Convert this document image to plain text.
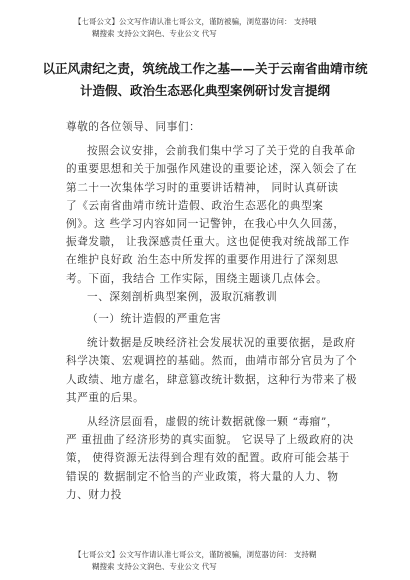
【七哥公文】公文写作请认准七哥公文，谨防被骗，浏览器访问： 支持哦
糊搜索 支持公文润色、专业公文 代写
以正风肃纪之责，筑统战工作之基——关于云南省曲靖市统
计造假、政治生态恶化典型案例研讨发言提纲
尊敬的各位领导、同事们：
按照会议安排，会前我们集中学习了关于党的自我革命
的重要思想和关于加强作风建设的重要论述，深入领会了在
第二十一次集体学习时的重要讲话精神， 同时认真研读
了《云南省曲靖市统计造假、政治生态恶化的典型案
例》。这 些学习内容如同一记警钟，在我心中久久回荡，
振聋发聩， 让我深感责任重大。这也促使我对统战部工作
在维护良好政 治生态中所发挥的重要作用进行了深刻思
考。下面，我结合 工作实际，围绕主题谈几点体会。
一、深刻剖析典型案例，汲取沉痛教训
（一）统计造假的严重危害
统计数据是反映经济社会发展状况的重要依据，是政府
科学决策、宏观调控的基础。然而，曲靖市部分官员为了个
人政绩、地方虚名，肆意篡改统计数据，这种行为带来了极
其严重的后果。
从经济层面看，虚假的统计数据就像一颗 “毒瘤”，
严 重扭曲了经济形势的真实面貌。 它误导了上级政府的决
策， 使得资源无法得到合理有效的配置。政府可能会基于
错误的 数据制定不恰当的产业政策，将大量的人力、物
力、财力投
【七哥公文】公文写作请认准七哥公文，谨防被骗，浏览器访问： 支持糊
糊搜索 支持公文润色、专业公文 代写
